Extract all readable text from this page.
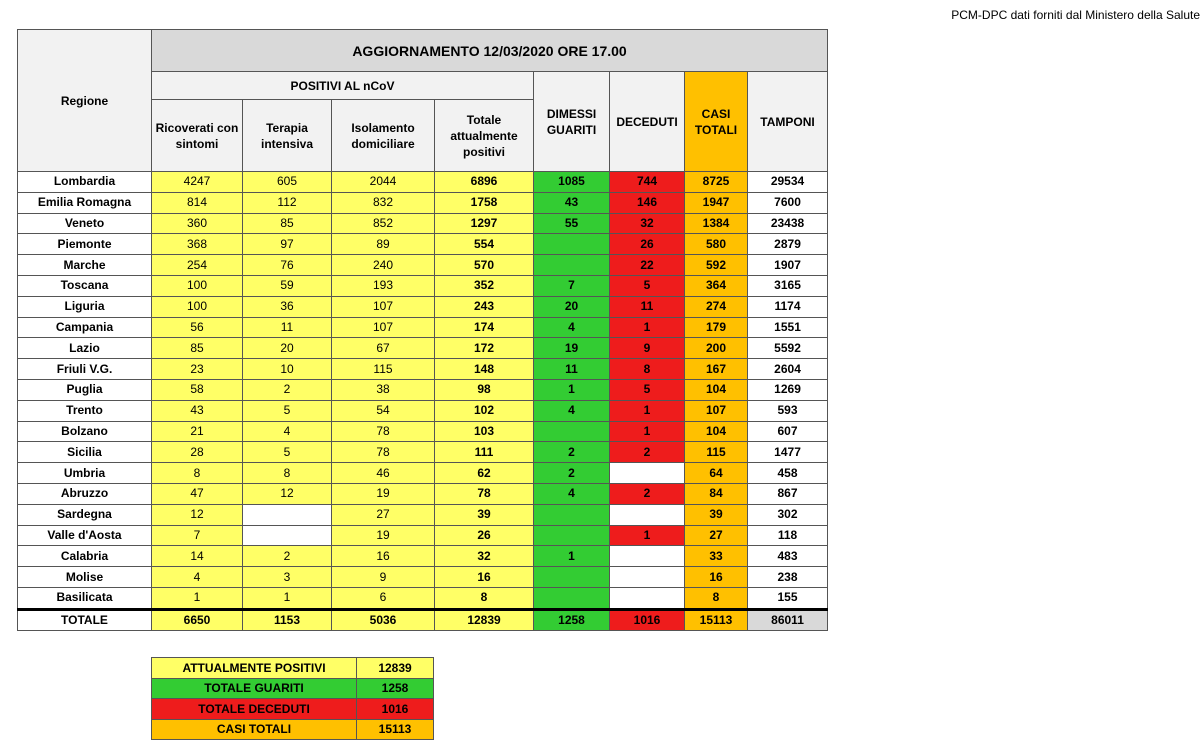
PCM-DPC dati forniti dal Ministero della Salute
Regione	AGGIORNAMENTO 12/03/2020 ORE 17.00							
	POSITIVI AL nCoV				DIMESSI GUARITI	DECEDUTI	CASI TOTALI	TAMPONI
	Ricoverati con sintomi	Terapia intensiva	Isolamento domiciliare	Totale attualmente positivi				
Lombardia	4247	605	2044	6896	1085	744	8725	29534
Emilia Romagna	814	112	832	1758	43	146	1947	7600
Veneto	360	85	852	1297	55	32	1384	23438
Piemonte	368	97	89	554		26	580	2879
Marche	254	76	240	570		22	592	1907
Toscana	100	59	193	352	7	5	364	3165
Liguria	100	36	107	243	20	11	274	1174
Campania	56	11	107	174	4	1	179	1551
Lazio	85	20	67	172	19	9	200	5592
Friuli V.G.	23	10	115	148	11	8	167	2604
Puglia	58	2	38	98	1	5	104	1269
Trento	43	5	54	102	4	1	107	593
Bolzano	21	4	78	103		1	104	607
Sicilia	28	5	78	111	2	2	115	1477
Umbria	8	8	46	62	2		64	458
Abruzzo	47	12	19	78	4	2	84	867
Sardegna	12		27	39			39	302
Valle d'Aosta	7		19	26		1	27	118
Calabria	14	2	16	32	1		33	483
Molise	4	3	9	16			16	238
Basilicata	1	1	6	8			8	155
TOTALE	6650	1153	5036	12839	1258	1016	15113	86011
ATTUALMENTE POSITIVI	12839
TOTALE GUARITI	1258
TOTALE DECEDUTI	1016
CASI TOTALI	15113
